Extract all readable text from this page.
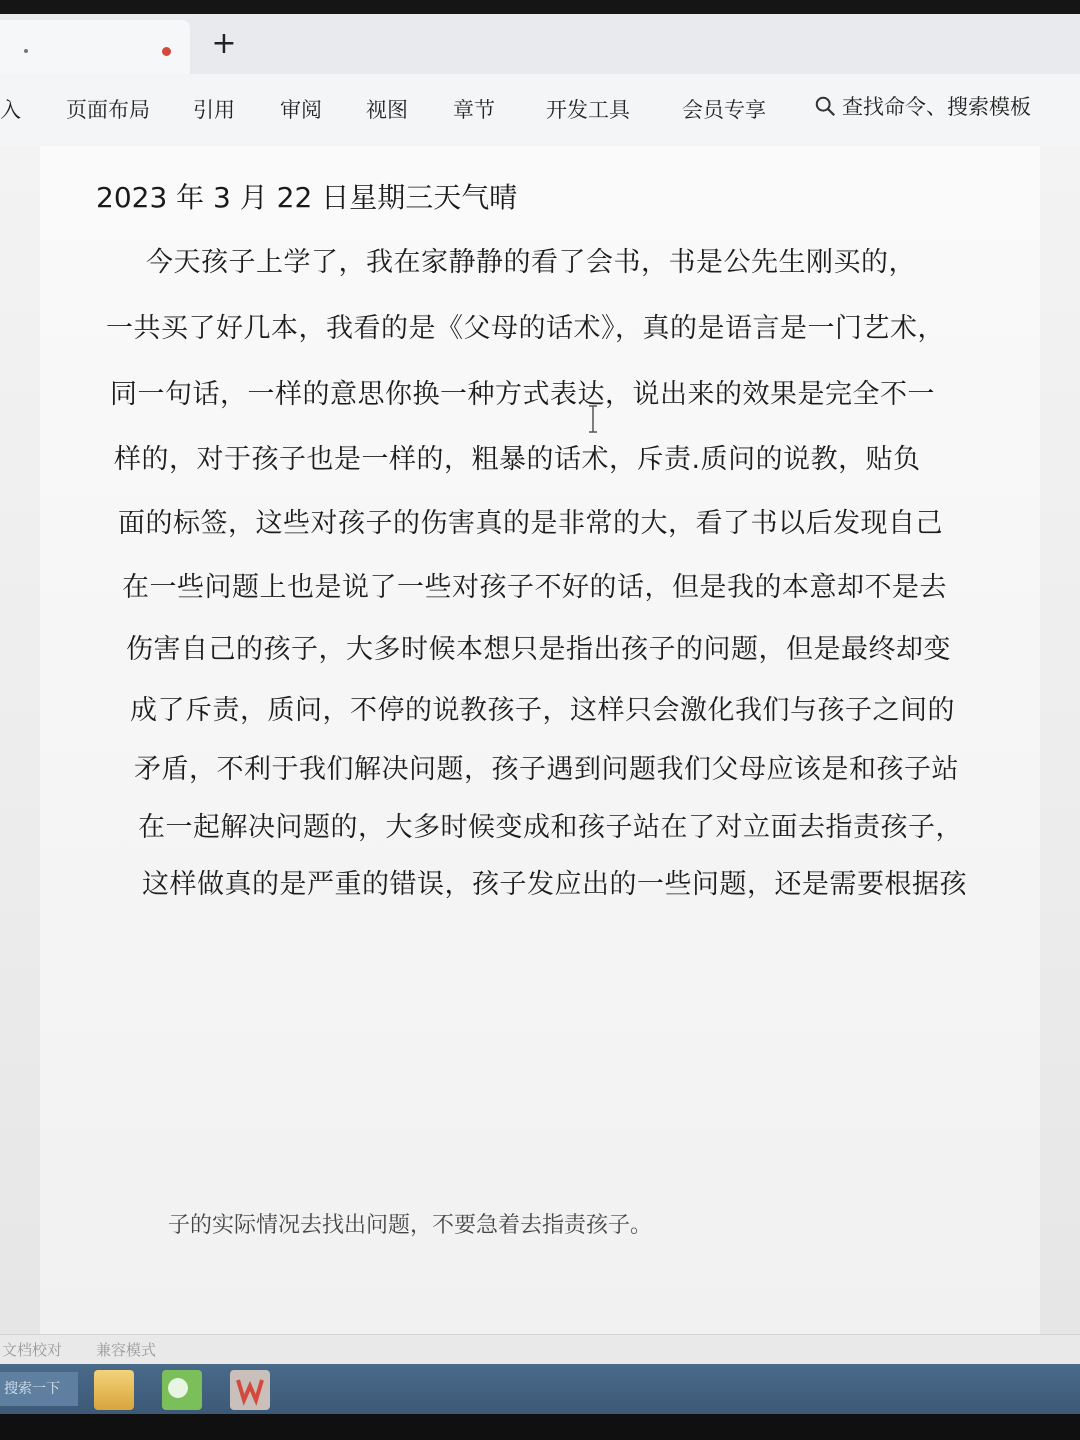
+
入 页面布局 引用 审阅 视图 章节 开发工具 会员专享	查找命令、搜索模板
2023 年 3 月 22 日星期三天气晴
今天孩子上学了，我在家静静的看了会书，书是公先生刚买的，
一共买了好几本，我看的是《父母的话术》，真的是语言是一门艺术，
同一句话，一样的意思你换一种方式表达，说出来的效果是完全不一
样的，对于孩子也是一样的，粗暴的话术，斥责.质问的说教，贴负
面的标签，这些对孩子的伤害真的是非常的大，看了书以后发现自己
在一些问题上也是说了一些对孩子不好的话，但是我的本意却不是去
伤害自己的孩子，大多时候本想只是指出孩子的问题，但是最终却变
成了斥责，质问，不停的说教孩子，这样只会激化我们与孩子之间的
矛盾，不利于我们解决问题，孩子遇到问题我们父母应该是和孩子站
在一起解决问题的，大多时候变成和孩子站在了对立面去指责孩子，
这样做真的是严重的错误，孩子发应出的一些问题，还是需要根据孩
子的实际情况去找出问题，不要急着去指责孩子。
文档校对 兼容模式
搜索一下
